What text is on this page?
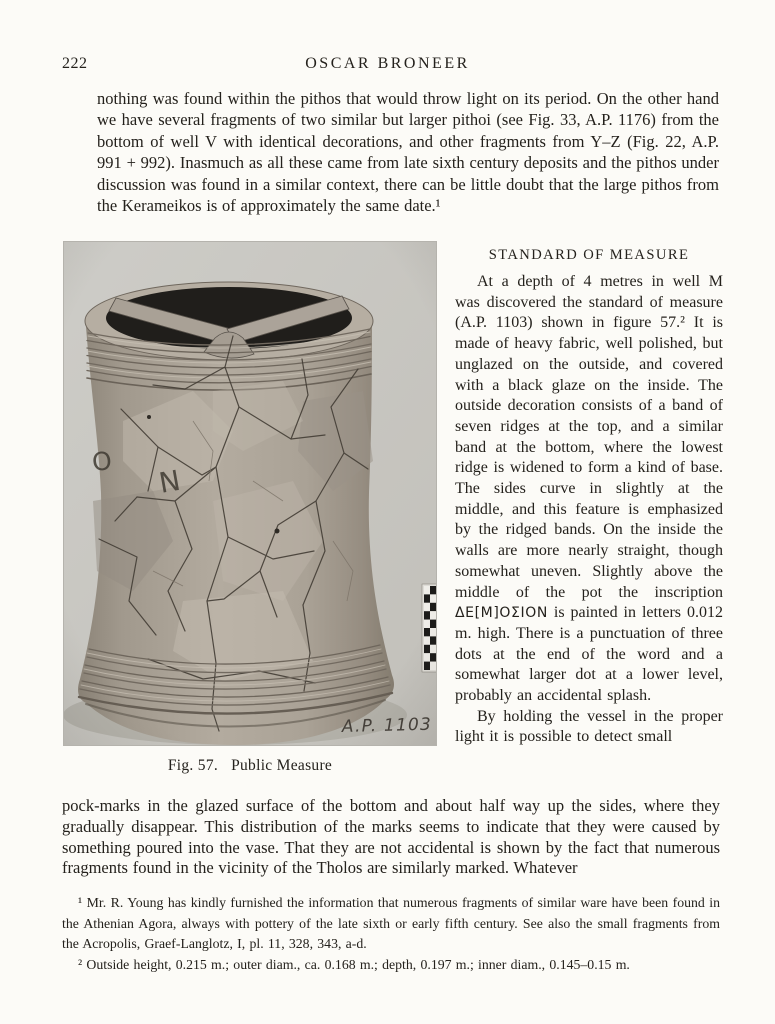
222	OSCAR BRONEER

nothing was found within the pithos that would throw light on its period. On the other hand we have several fragments of two similar but larger pithoi (see Fig. 33, A.P. 1176) from the bottom of well V with identical decorations, and other fragments from Y–Z (Fig. 22, A.P. 991 + 992). Inasmuch as all these came from late sixth century deposits and the pithos under discussion was found in a similar context, there can be little doubt that the large pithos from the Kerameikos is of approximately the same date.¹

Fig. 57. Public Measure
STANDARD OF MEASURE

At a depth of 4 metres in well M was discovered the standard of measure (A.P. 1103) shown in figure 57.² It is made of heavy fabric, well polished, but unglazed on the outside, and covered with a black glaze on the inside. The outside decoration consists of a band of seven ridges at the top, and a similar band at the bottom, where the lowest ridge is widened to form a kind of base. The sides curve in slightly at the middle, and this feature is emphasized by the ridged bands. On the inside the walls are more nearly straight, though somewhat uneven. Slightly above the middle of the pot the inscription ΔΕ[Μ]ΟΣΙΟΝ is painted in letters 0.012 m. high. There is a punctuation of three dots at the end of the word and a somewhat larger dot at a lower level, probably an accidental splash.

By holding the vessel in the proper light it is possible to detect small

pock-marks in the glazed surface of the bottom and about half way up the sides, where they gradually disappear. This distribution of the marks seems to indicate that they were caused by something poured into the vase. That they are not accidental is shown by the fact that numerous fragments found in the vicinity of the Tholos are similarly marked. Whatever

¹ Mr. R. Young has kindly furnished the information that numerous fragments of similar ware have been found in the Athenian Agora, always with pottery of the late sixth or early fifth century. See also the small fragments from the Acropolis, Graef-Langlotz, I, pl. 11, 328, 343, a-d.

² Outside height, 0.215 m.; outer diam., ca. 0.168 m.; depth, 0.197 m.; inner diam., 0.145–0.15 m.
